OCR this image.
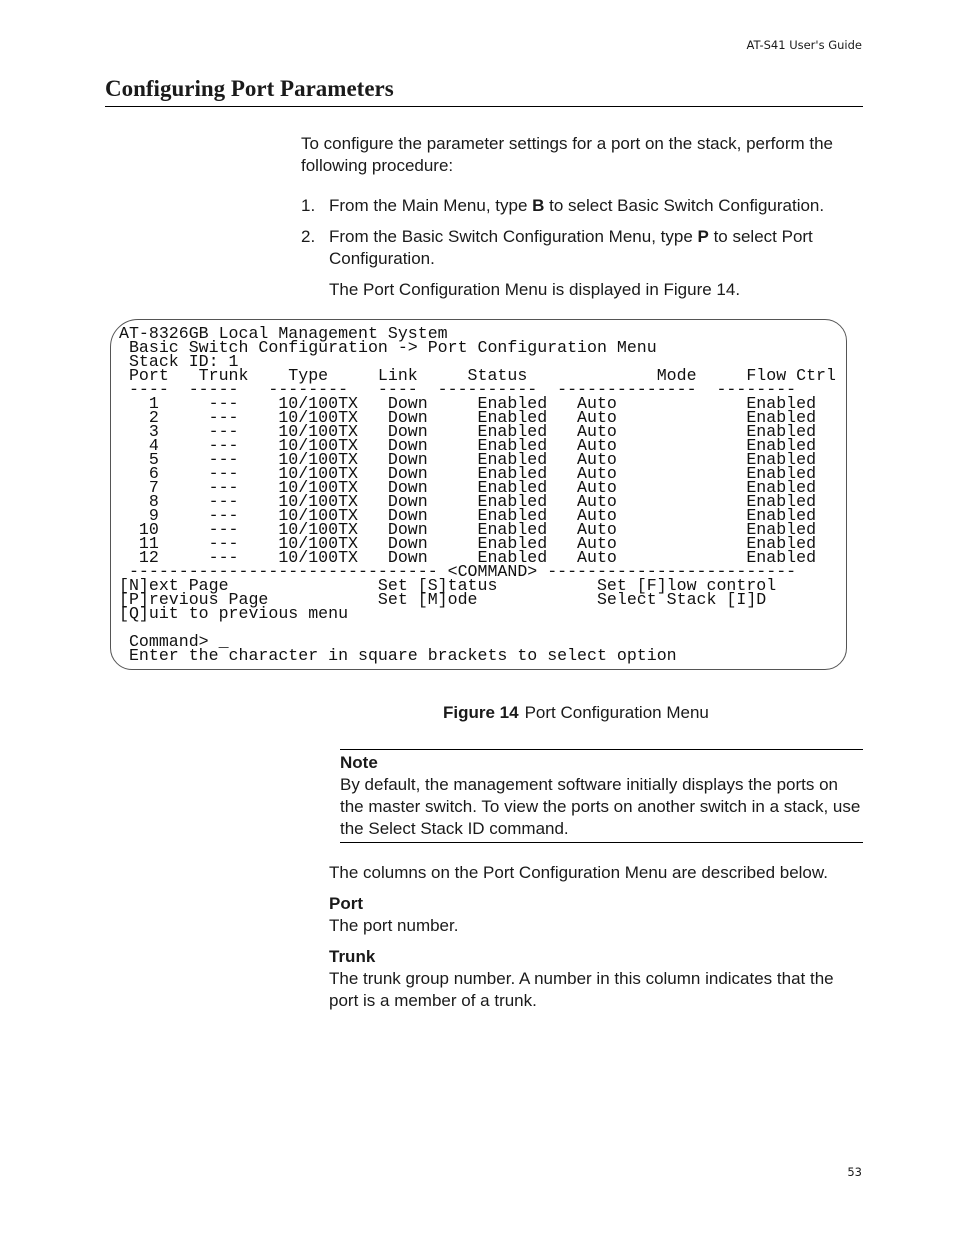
AT-S41 User's Guide
Configuring Port Parameters

To configure the parameter settings for a port on the stack, perform the following procedure:

1. From the Main Menu, type B to select Basic Switch Configuration.
2. From the Basic Switch Configuration Menu, type P to select Port Configuration.

The Port Configuration Menu is displayed in Figure 14.

AT-8326GB Local Management System
Basic Switch Configuration -> Port Configuration Menu
Stack ID: 1
Port   Trunk    Type     Link     Status             Mode     Flow Ctrl
----  -----   --------   ----  ----------  --------------  --------
1     ---    10/100TX   Down     Enabled   Auto             Enabled
2     ---    10/100TX   Down     Enabled   Auto             Enabled
3     ---    10/100TX   Down     Enabled   Auto             Enabled
4     ---    10/100TX   Down     Enabled   Auto             Enabled
5     ---    10/100TX   Down     Enabled   Auto             Enabled
6     ---    10/100TX   Down     Enabled   Auto             Enabled
7     ---    10/100TX   Down     Enabled   Auto             Enabled
8     ---    10/100TX   Down     Enabled   Auto             Enabled
9     ---    10/100TX   Down     Enabled   Auto             Enabled
10     ---    10/100TX   Down     Enabled   Auto             Enabled
11     ---    10/100TX   Down     Enabled   Auto             Enabled
12     ---    10/100TX   Down     Enabled   Auto             Enabled
------------------------------- <COMMAND> -------------------------
[N]ext Page               Set [S]tatus          Set [F]low control
[P]revious Page           Set [M]ode            Select Stack [I]D
[Q]uit to previous menu

Command> _
Enter the character in square brackets to select option
Figure 14 Port Configuration Menu
Note

By default, the management software initially displays the ports on the master switch. To view the ports on another switch in a stack, use the Select Stack ID command.

The columns on the Port Configuration Menu are described below.

Port

The port number.

Trunk

The trunk group number. A number in this column indicates that the port is a member of a trunk.

53
